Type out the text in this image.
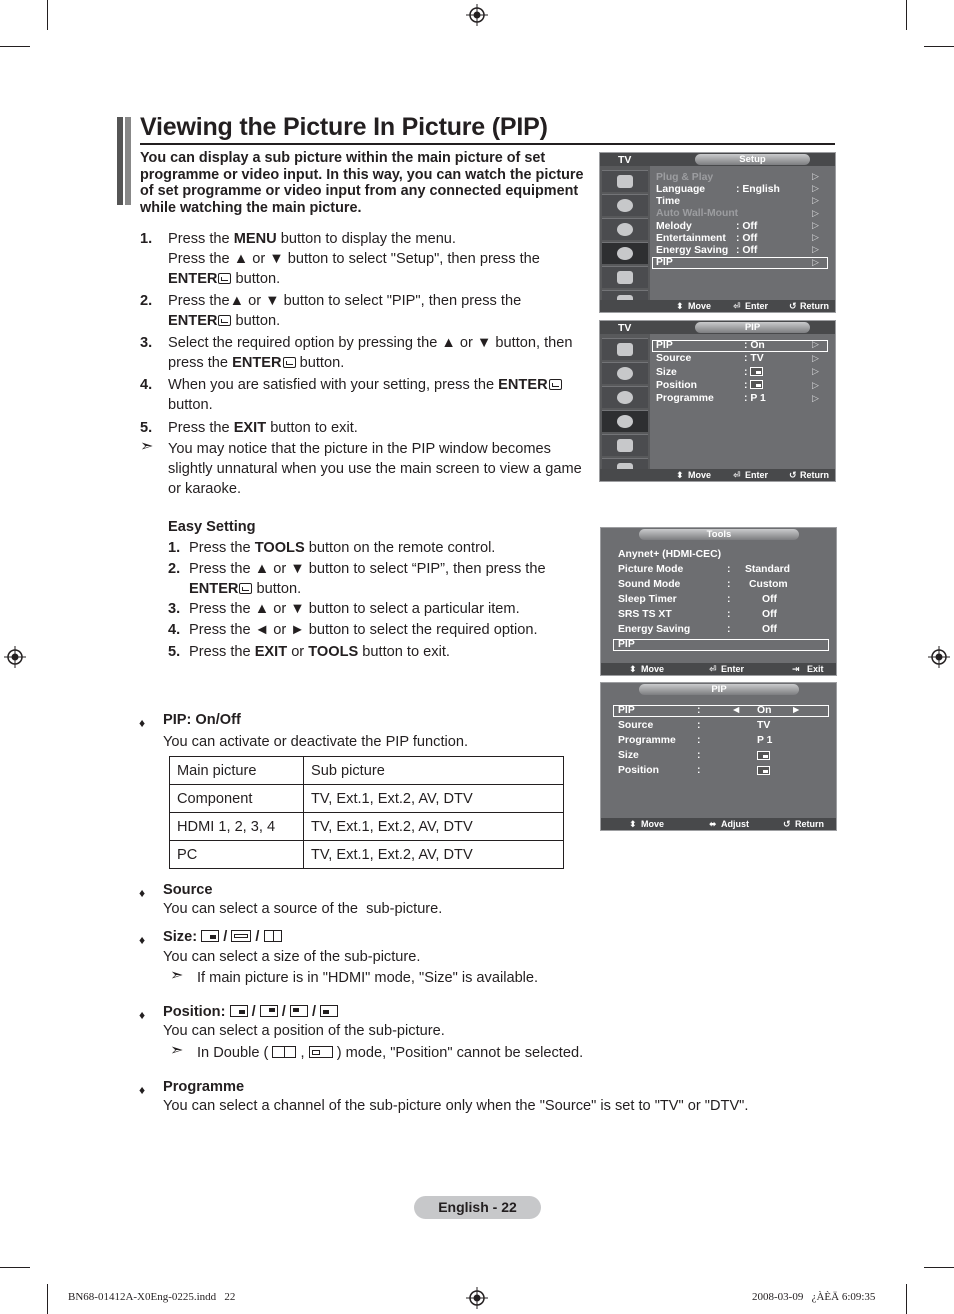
Viewing the Picture In Picture (PIP)
You can display a sub picture within the main picture of set programme or video input. In this way, you can watch the picture of set programme or video input from any connected equipment while watching the main picture.
1. Press the MENU button to display the menu.
Press the ▲ or ▼ button to select "Setup", then press the
ENTER button.
2. Press the▲ or ▼ button to select "PIP", then press the
ENTER button.
3. Select the required option by pressing the ▲ or ▼ button, then
press the ENTER button.
4. When you are satisfied with your setting, press the ENTER
button.
5. Press the EXIT button to exit.
➣ You may notice that the picture in the PIP window becomes
slightly unnatural when you use the main screen to view a game
or karaoke.
Easy Setting
1. Press the TOOLS button on the remote control.
2. Press the ▲ or ▼ button to select “PIP”, then press the
ENTER button.
3. Press the ▲ or ▼ button to select a particular item.
4. Press the ◄ or ► button to select the required option.
5. Press the EXIT or TOOLS button to exit.
♦ PIP: On/Off
You can activate or deactivate the PIP function.
Main picture	Sub picture
Component	TV, Ext.1, Ext.2, AV, DTV
HDMI 1, 2, 3, 4	TV, Ext.1, Ext.2, AV, DTV
PC	TV, Ext.1, Ext.2, AV, DTV
♦ Source
You can select a source of the  sub-picture.
♦ Size: / /
You can select a size of the sub-picture.
➣ If main picture is in "HDMI" mode, "Size" is available.
♦ Position: / / /
You can select a position of the sub-picture.
➣ In Double ( , ) mode, "Position" cannot be selected.
♦ Programme
You can select a channel of the sub-picture only when the "Source" is set to "TV" or "DTV".
TV	Setup
Plug & Play
Language	: English
Time
Auto Wall-Mount
Melody	: Off
Entertainment : Off
Energy Saving : Off
PIP
▷
▷
▷
▷
▷
▷
▷
▷
⬍ Move ⏎ Enter ↺ Return
TV	PIP
PIP	: On
Source	: TV
Size	:
Position	:
Programme	: P 1
▷
▷
▷
▷
▷
⬍ Move ⏎ Enter ↺ Return
Tools
Anynet+ (HDMI-CEC)
Picture Mode	: Standard
Sound Mode	: Custom
Sleep Timer	:	Off
SRS TS XT	:	Off
Energy Saving	:	Off
PIP
⬍ Move	⏎ Enter	⇥ Exit
PIP
PIP	:	◄ On ►
Source	:	TV
Programme :	P 1
Size	:
Position	:
⬍ Move	⬌ Adjust	↺ Return
English - 22
BN68-01412A-X0Eng-0225.indd   22	2008-03-09   ¿ÀÈÄ 6:09:35
